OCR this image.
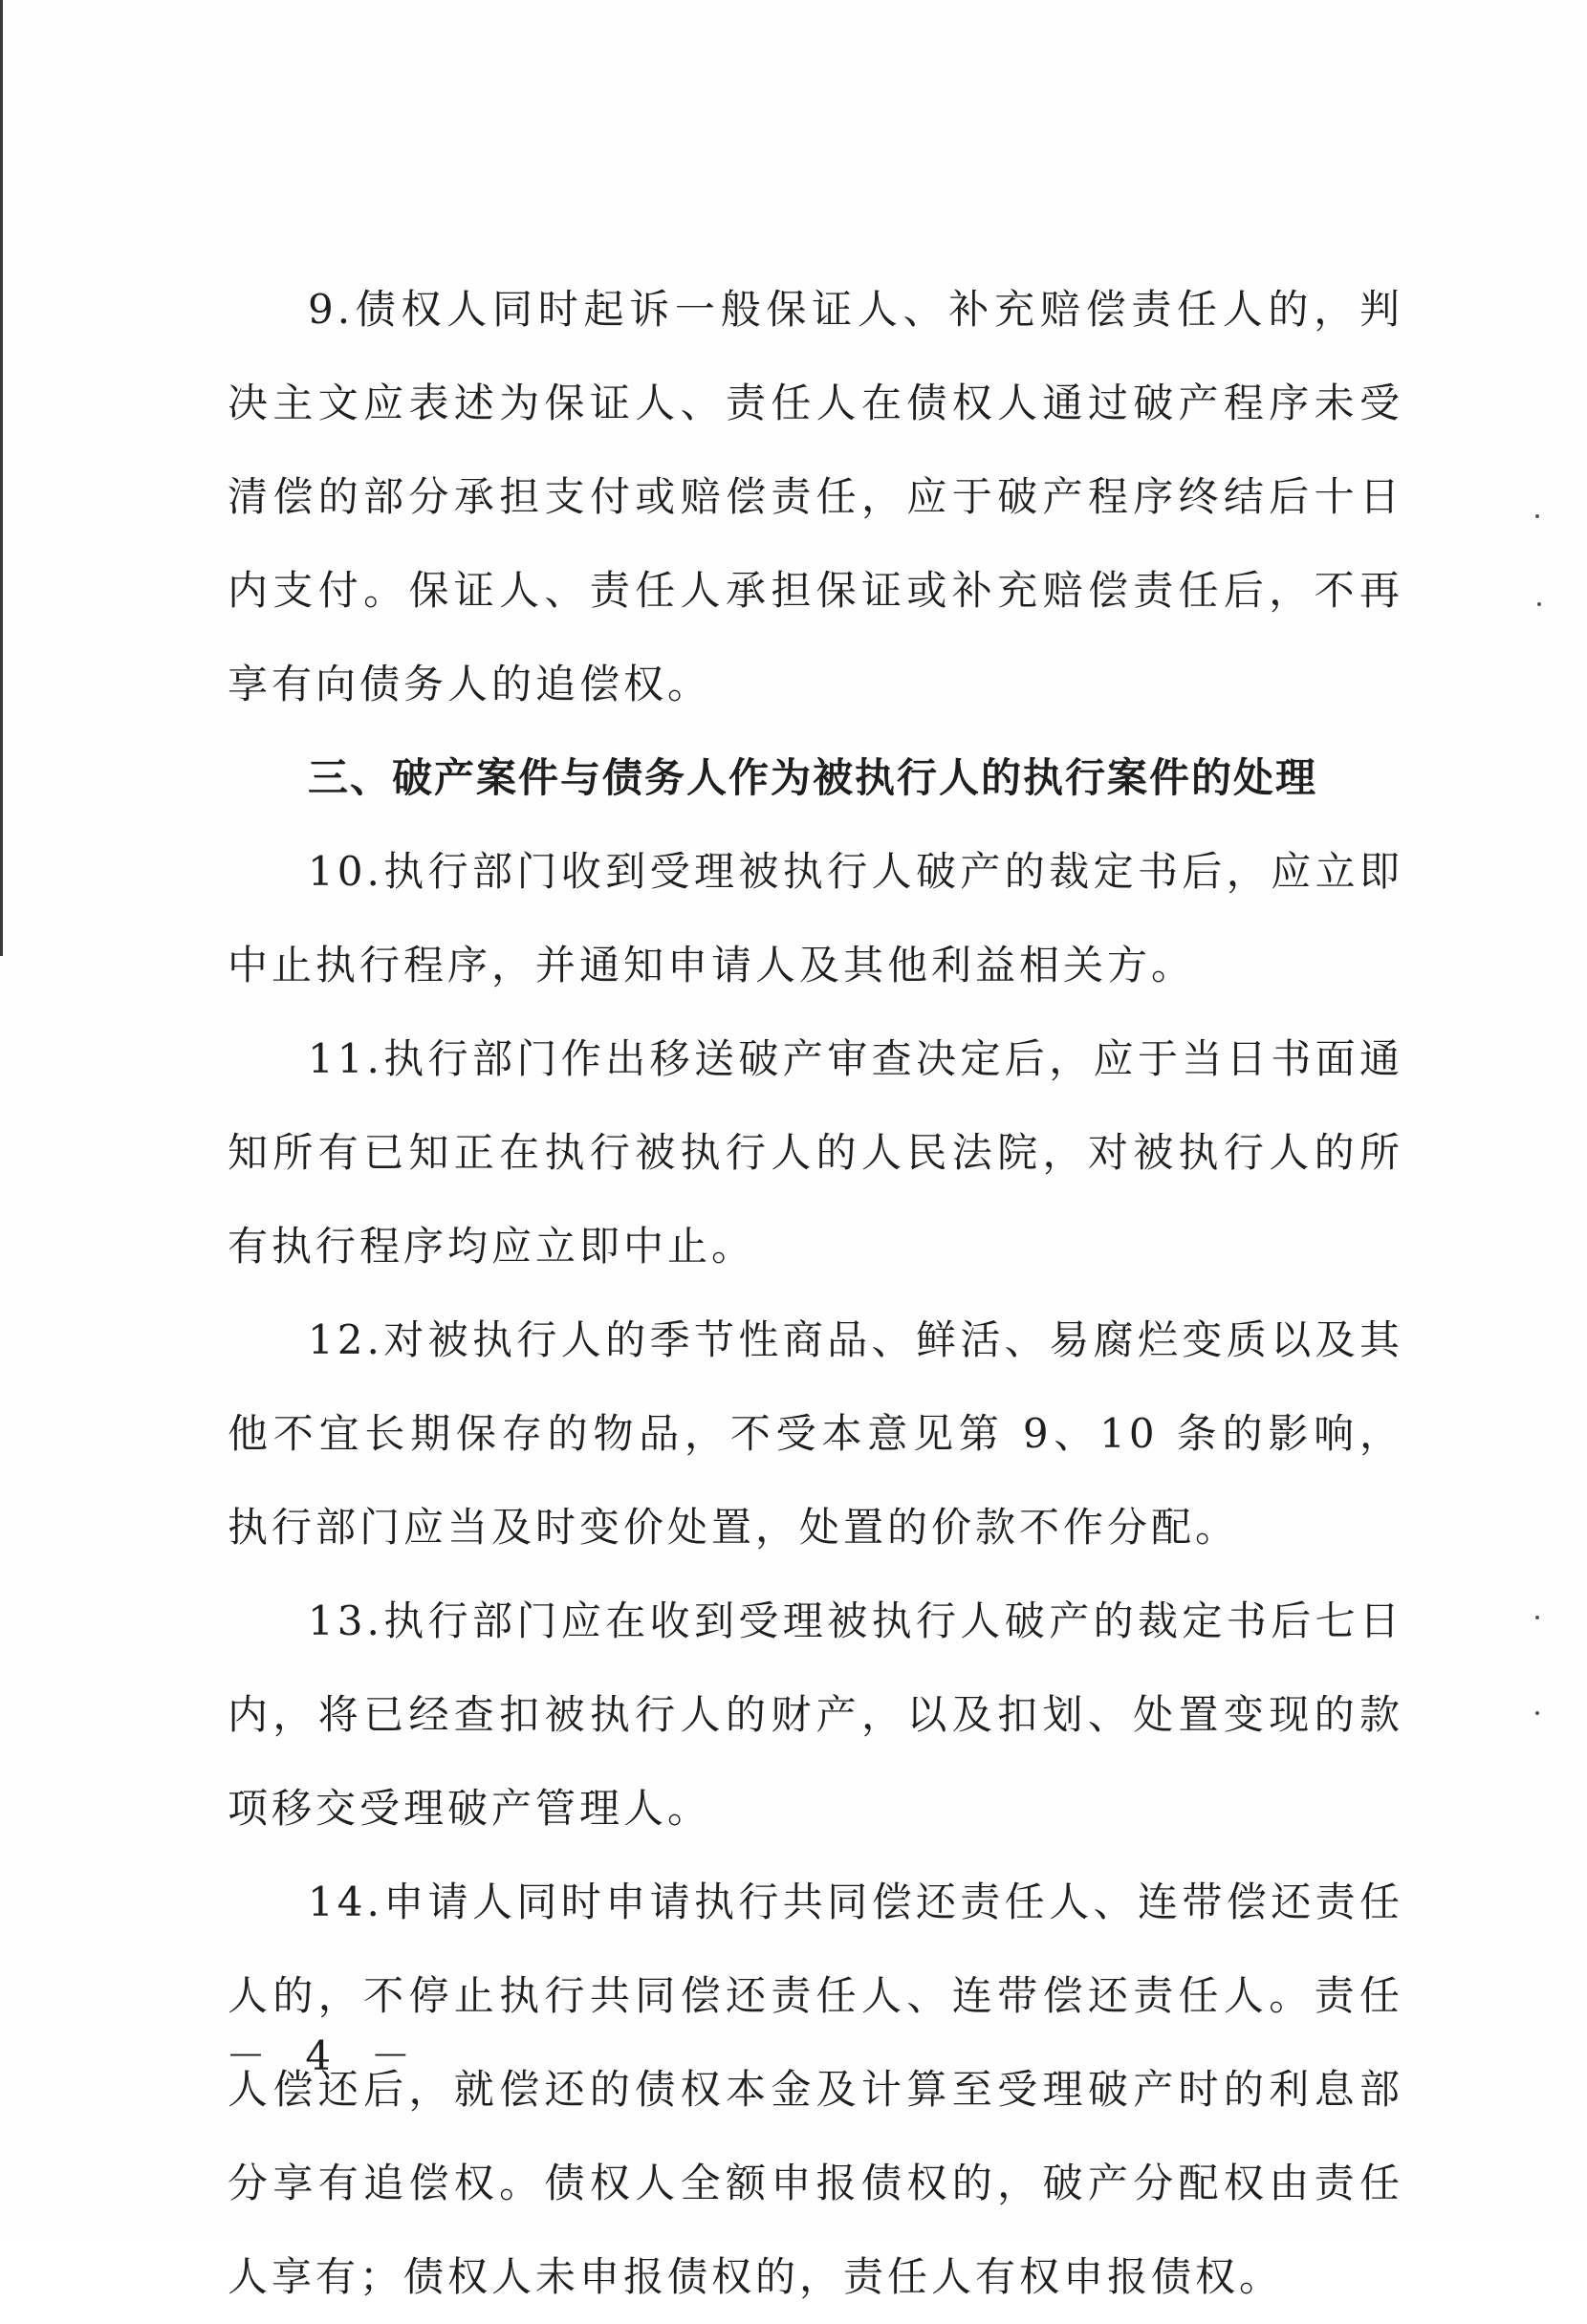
9.债权人同时起诉一般保证人、补充赔偿责任人的，判决主文应表述为保证人、责任人在债权人通过破产程序未受清偿的部分承担支付或赔偿责任，应于破产程序终结后十日内支付。保证人、责任人承担保证或补充赔偿责任后，不再享有向债务人的追偿权。

三、破产案件与债务人作为被执行人的执行案件的处理

10.执行部门收到受理被执行人破产的裁定书后，应立即中止执行程序，并通知申请人及其他利益相关方。

11.执行部门作出移送破产审查决定后，应于当日书面通知所有已知正在执行被执行人的人民法院，对被执行人的所有执行程序均应立即中止。

12.对被执行人的季节性商品、鲜活、易腐烂变质以及其他不宜长期保存的物品，不受本意见第 9、10 条的影响，执行部门应当及时变价处置，处置的价款不作分配。

13.执行部门应在收到受理被执行人破产的裁定书后七日内，将已经查扣被执行人的财产，以及扣划、处置变现的款项移交受理破产管理人。

14.申请人同时申请执行共同偿还责任人、连带偿还责任人的，不停止执行共同偿还责任人、连带偿还责任人。责任人偿还后，就偿还的债权本金及计算至受理破产时的利息部分享有追偿权。债权人全额申报债权的，破产分配权由责任人享有；债权人未申报债权的，责任人有权申报债权。

－ 4 －
